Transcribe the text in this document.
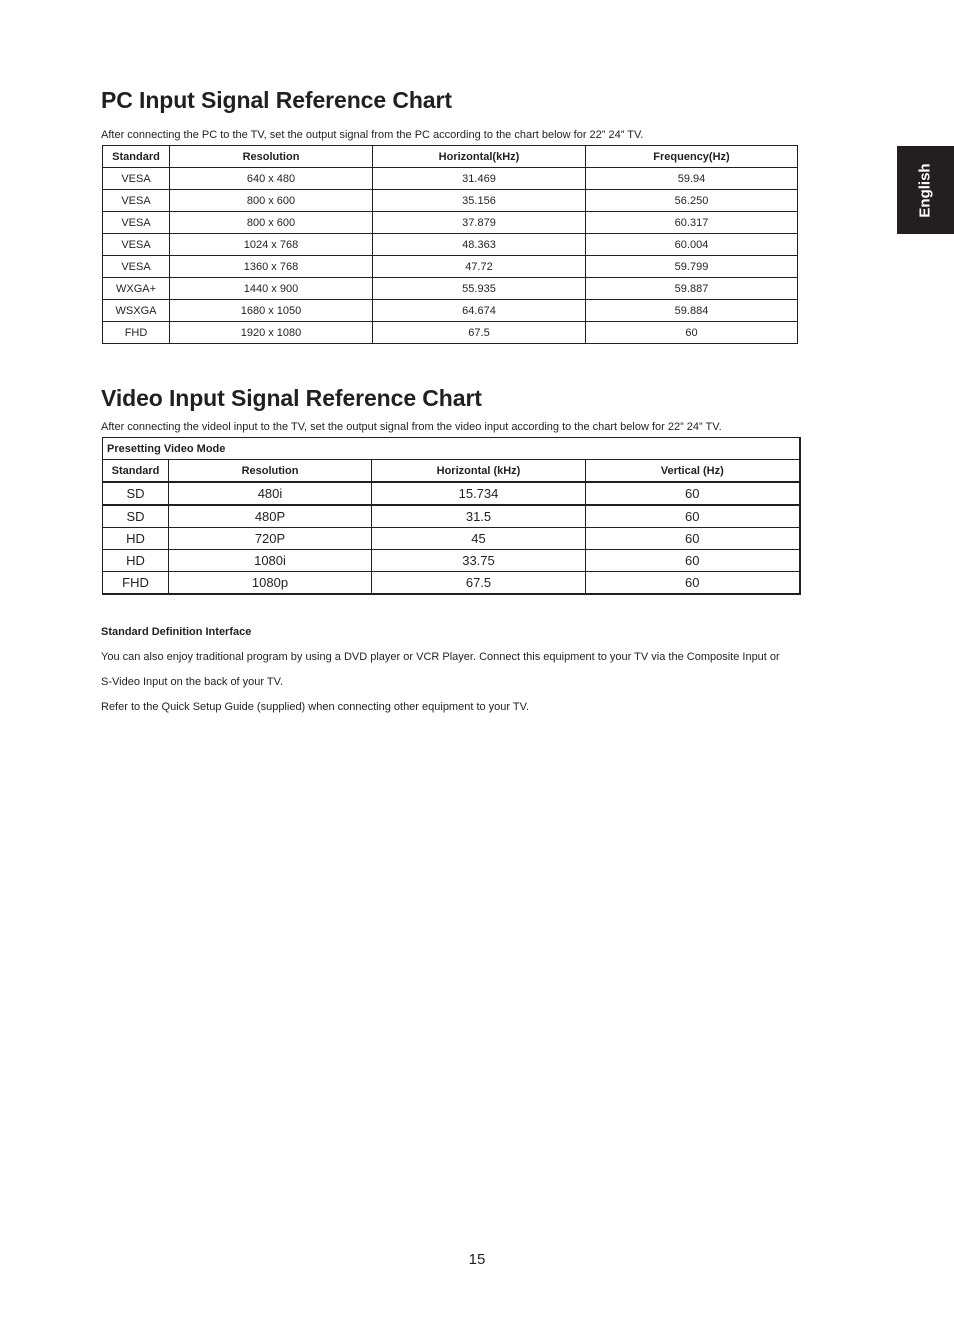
English
PC Input Signal Reference Chart
After connecting the PC to the TV, set the output signal from the PC according to the chart below for 22” 24” TV.
Standard	Resolution	Horizontal(kHz)	Frequency(Hz)
VESA	640 x 480	31.469	59.94
VESA	800 x 600	35.156	56.250
VESA	800 x 600	37.879	60.317
VESA	1024 x 768	48.363	60.004
VESA	1360 x 768	47.72	59.799
WXGA+	1440 x 900	55.935	59.887
WSXGA	1680 x 1050	64.674	59.884
FHD	1920 x 1080	67.5	60
Video Input Signal Reference Chart
After connecting the videol input to the TV, set the output signal from the video input according to the chart below for 22” 24” TV.
Presetting Video Mode			
Standard	Resolution	Horizontal (kHz)	Vertical (Hz)
SD	480i	15.734	60
SD	480P	31.5	60
HD	720P	45	60
HD	1080i	33.75	60
FHD	1080p	67.5	60
Standard Definition Interface
You can also enjoy traditional program by using a DVD player or VCR Player. Connect this equipment to your TV via the Composite Input or
S-Video Input on the back of your TV.
Refer to the Quick Setup Guide (supplied) when connecting other equipment to your TV.
15
